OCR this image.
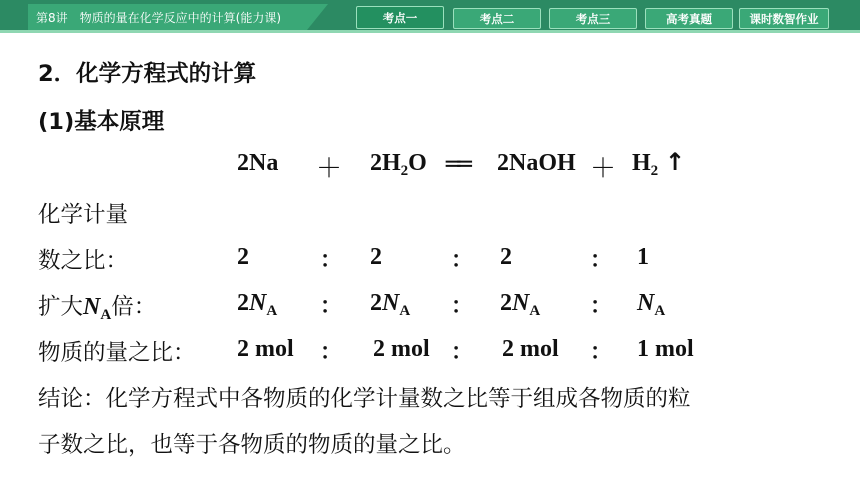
第8讲　物质的量在化学反应中的计算(能力课)	考点一	考点二	考点三	高考真题	课时数智作业
2．化学方程式的计算
(1)基本原理
$2Na + 2H_2O$ ══ 2NaOH ＋ $H_2$ ↑
化学计量
数之比：	2	： 2	： 2	： 1
扩大$N_A$倍：	$2N_A$ ： $2N_A$ ： $2N_A$ ： $N_A$
物质的量之比： 2 mol ： 2 mol ： 2 mol ： 1 mol
结论：化学方程式中各物质的化学计量数之比等于组成各物质的粒
子数之比，也等于各物质的物质的量之比。
